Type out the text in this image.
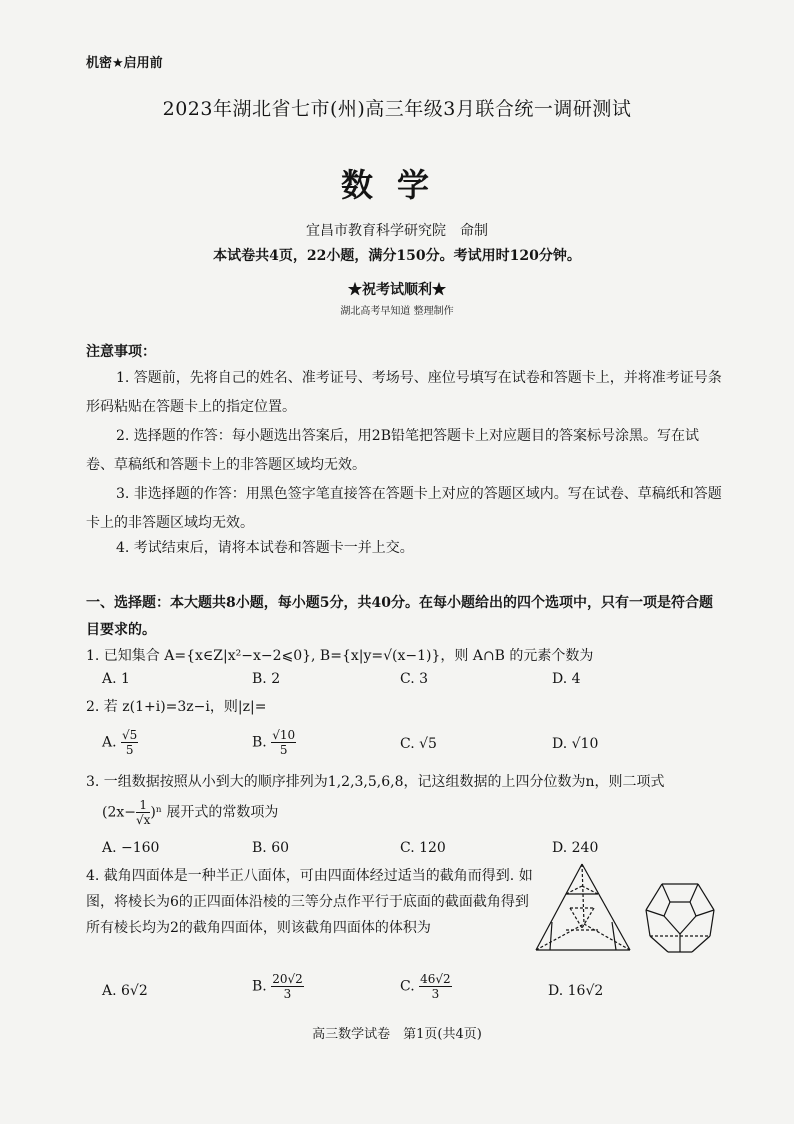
机密★启用前
2023年湖北省七市(州)高三年级3月联合统一调研测试
数学
宜昌市教育科学研究院　命制
本试卷共4页，22小题，满分150分。考试用时120分钟。
★祝考试顺利★
湖北高考早知道 整理制作
注意事项：
1. 答题前，先将自己的姓名、准考证号、考场号、座位号填写在试卷和答题卡上，并将准考证号条形码粘贴在答题卡上的指定位置。
2. 选择题的作答：每小题选出答案后，用2B铅笔把答题卡上对应题目的答案标号涂黑。写在试卷、草稿纸和答题卡上的非答题区域均无效。
3. 非选择题的作答：用黑色签字笔直接答在答题卡上对应的答题区域内。写在试卷、草稿纸和答题卡上的非答题区域均无效。
4. 考试结束后，请将本试卷和答题卡一并上交。
一、选择题：本大题共8小题，每小题5分，共40分。在每小题给出的四个选项中，只有一项是符合题目要求的。
1. 已知集合 A={x∈Z|x²−x−2⩽0}, B={x|y=√(x−1)}，则 A∩B 的元素个数为
A. 1	B. 2	C. 3	D. 4
2. 若 z(1+i)=3z−i，则|z|=
A. $\frac{√5}{5}$	B. $\frac{√10}{5}$	C. √5	D. √10
3. 一组数据按照从小到大的顺序排列为1,2,3,5,6,8，记这组数据的上四分位数为n，则二项式
$(2x- \frac{1}{√x} )^n$ 展开式的常数项为
A. −160	B. 60	C. 120	D. 240
4. 截角四面体是一种半正八面体，可由四面体经过适当的截角而得到. 如图，将棱长为6的正四面体沿棱的三等分点作平行于底面的截面截角得到所有棱长均为2的截角四面体，则该截角四面体的体积为
A. 6√2	B. $\frac{20√2}{3}$	C. $\frac{46√2}{3}$	D. 16√2
高三数学试卷　第1页(共4页)
